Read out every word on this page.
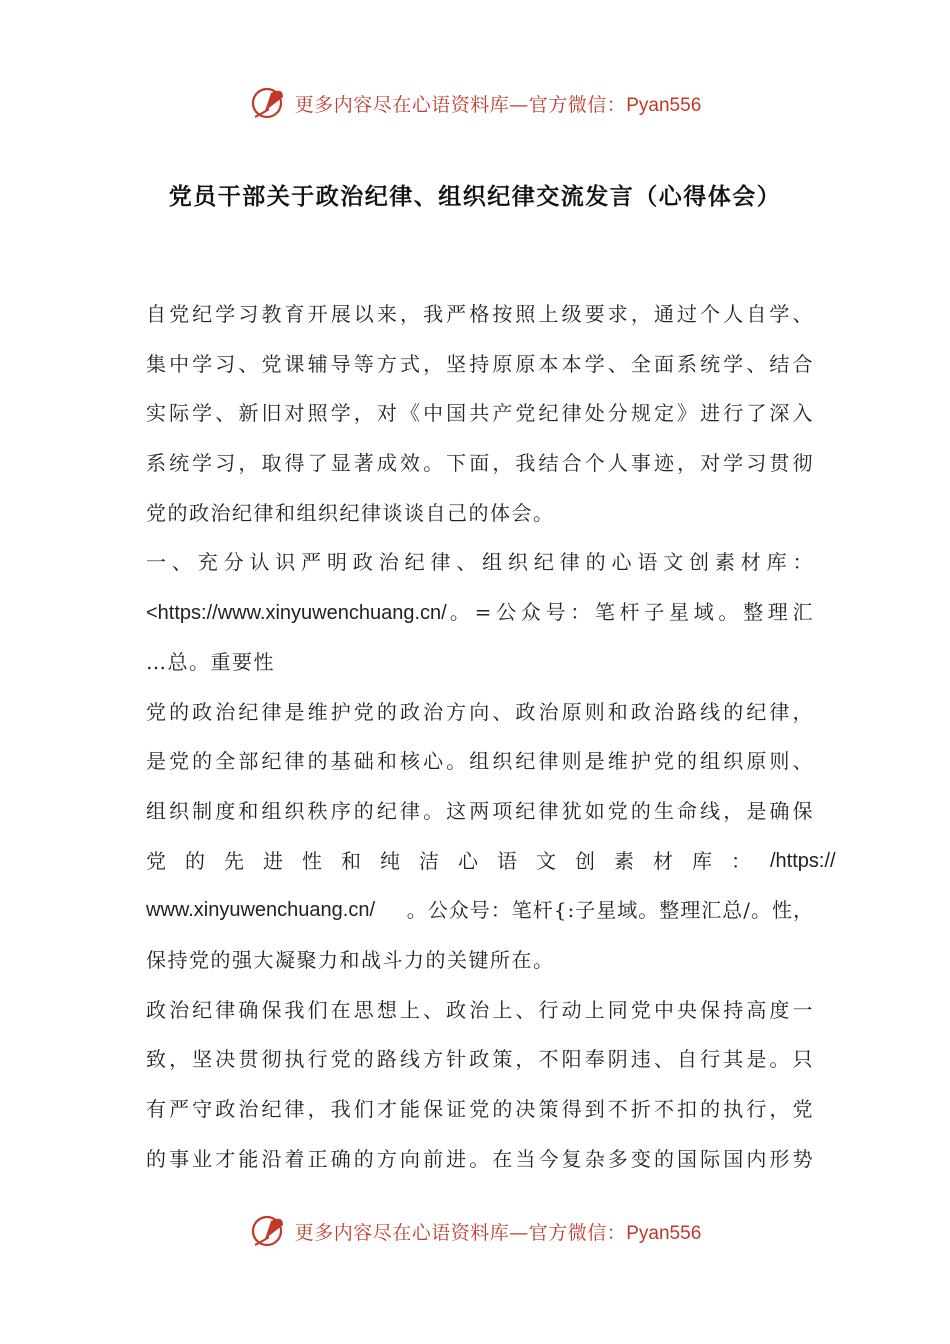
更多内容尽在心语资料库—官方微信：Pyan556
党员干部关于政治纪律、组织纪律交流发言（心得体会）
自党纪学习教育开展以来，我严格按照上级要求，通过个人自学、
集中学习、党课辅导等方式，坚持原原本本学、全面系统学、结合
实际学、新旧对照学，对《中国共产党纪律处分规定》进行了深入
系统学习，取得了显著成效。下面，我结合个人事迹，对学习贯彻
党的政治纪律和组织纪律谈谈自己的体会。
一、充分认识严明政治纪律、组织纪律的心语文创素材库：
<https://www.xinyuwenchuang.cn/。=公众号：笔杆子星域。整理汇
…总。重要性
党的政治纪律是维护党的政治方向、政治原则和政治路线的纪律，
是党的全部纪律的基础和核心。组织纪律则是维护党的组织原则、
组织制度和组织秩序的纪律。这两项纪律犹如党的生命线，是确保
党的先进性和纯洁心语文创素材库： /https://
www.xinyuwenchuang.cn/ 。公众号：笔杆{:子星域。整理汇总/。性，
保持党的强大凝聚力和战斗力的关键所在。
政治纪律确保我们在思想上、政治上、行动上同党中央保持高度一
致，坚决贯彻执行党的路线方针政策，不阳奉阴违、自行其是。只
有严守政治纪律，我们才能保证党的决策得到不折不扣的执行，党
的事业才能沿着正确的方向前进。在当今复杂多变的国际国内形势
更多内容尽在心语资料库—官方微信：Pyan556
